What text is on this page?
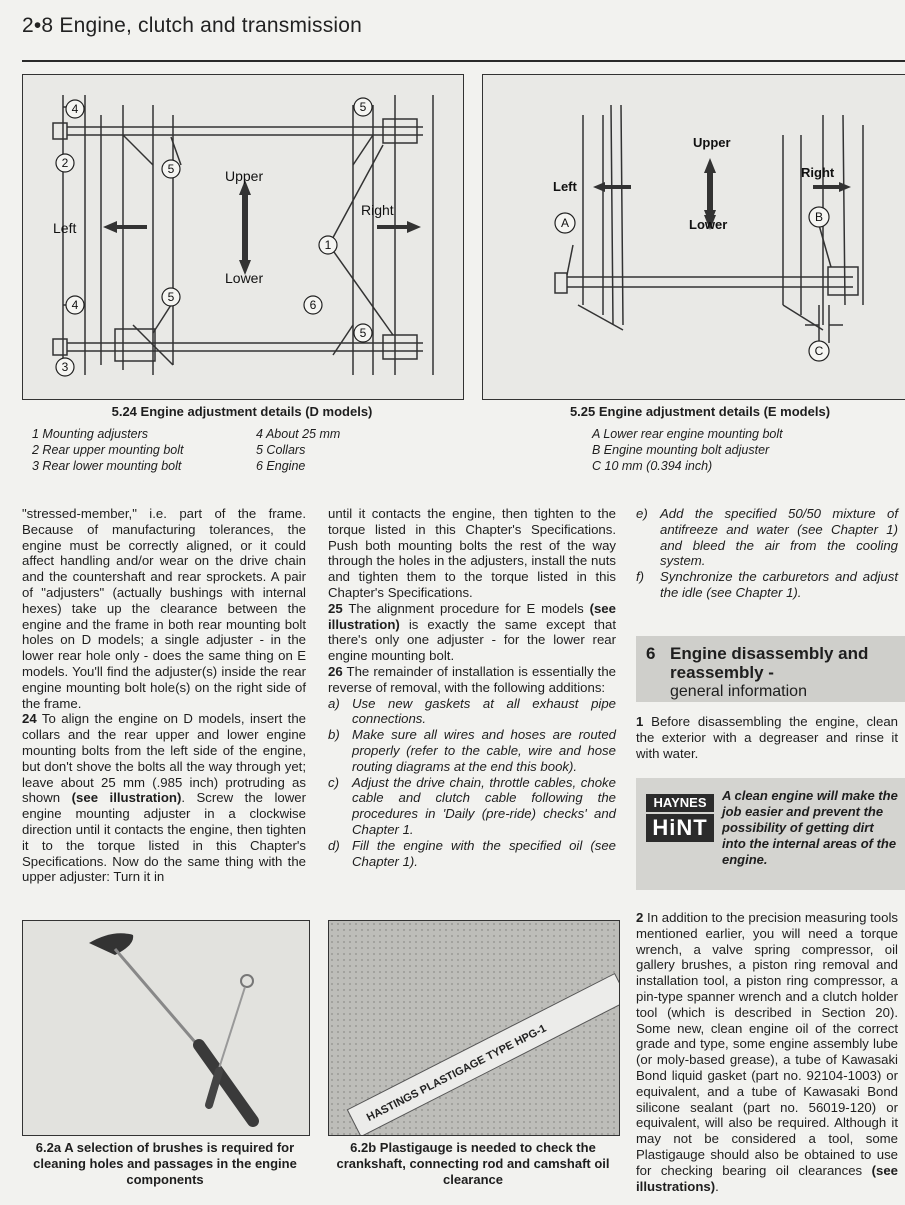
2•8 Engine, clutch and transmission
Upper
Lower
Left
Right
4
2
3
4
5
5
1
5
6
5
Upper
Lower
Left
Right
A	B
C
5.24 Engine adjustment details (D models)
1 Mounting adjusters
2 Rear upper mounting bolt
3 Rear lower mounting bolt
4 About 25 mm
5 Collars
6 Engine
5.25 Engine adjustment details (E models)
A Lower rear engine mounting bolt
B Engine mounting bolt adjuster
C 10 mm (0.394 inch)

"stressed-member," i.e. part of the frame. Because of manufacturing tolerances, the engine must be correctly aligned, or it could affect handling and/or wear on the drive chain and the countershaft and rear sprockets. A pair of "adjusters" (actually bushings with internal hexes) take up the clearance between the engine and the frame in both rear mounting bolt holes on D models; a single adjuster - in the lower rear hole only - does the same thing on E models. You'll find the adjuster(s) inside the rear engine mounting bolt hole(s) on the right side of the frame.

24 To align the engine on D models, insert the collars and the rear upper and lower engine mounting bolts from the left side of the engine, but don't shove the bolts all the way through yet; leave about 25 mm (.985 inch) protruding as shown (see illustration). Screw the lower engine mounting adjuster in a clockwise direction until it contacts the engine, then tighten it to the torque listed in this Chapter's Specifications. Now do the same thing with the upper adjuster: Turn it in

until it contacts the engine, then tighten to the torque listed in this Chapter's Specifications. Push both mounting bolts the rest of the way through the holes in the adjusters, install the nuts and tighten them to the torque listed in this Chapter's Specifications.

25 The alignment procedure for E models (see illustration) is exactly the same except that there's only one adjuster - for the lower rear engine mounting bolt.

26 The remainder of installation is essentially the reverse of removal, with the following additions:

a) Use new gaskets at all exhaust pipe connections.
b) Make sure all wires and hoses are routed properly (refer to the cable, wire and hose routing diagrams at the end this book).
c) Adjust the drive chain, throttle cables, choke cable and clutch cable following the procedures in 'Daily (pre-ride) checks' and Chapter 1.
d) Fill the engine with the specified oil (see Chapter 1).
e) Add the specified 50/50 mixture of antifreeze and water (see Chapter 1) and bleed the air from the cooling system.
f)	Synchronize the carburetors and adjust the idle (see Chapter 1).
6 Engine disassembly and reassembly -
general information

1 Before disassembling the engine, clean the exterior with a degreaser and rinse it with water.

HAYNES
HiNT
A clean engine will make the job easier and prevent the possibility of getting dirt into the internal areas of the engine.

2 In addition to the precision measuring tools mentioned earlier, you will need a torque wrench, a valve spring compressor, oil gallery brushes, a piston ring removal and installation tool, a piston ring compressor, a pin-type spanner wrench and a clutch holder tool (which is described in Section 20). Some new, clean engine oil of the correct grade and type, some engine assembly lube (or moly-based grease), a tube of Kawasaki Bond liquid gasket (part no. 92104-1003) or equivalent, and a tube of Kawasaki Bond silicone sealant (part no. 56019-120) or equivalent, will also be required. Although it may not be considered a tool, some Plastigauge should also be obtained to use for checking bearing oil clearances (see illustrations).

6.2a A selection of brushes is required for cleaning holes and passages in the engine components
HASTINGS PLASTIGAGE TYPE HPG-1
6.2b Plastigauge is needed to check the crankshaft, connecting rod and camshaft oil clearance
